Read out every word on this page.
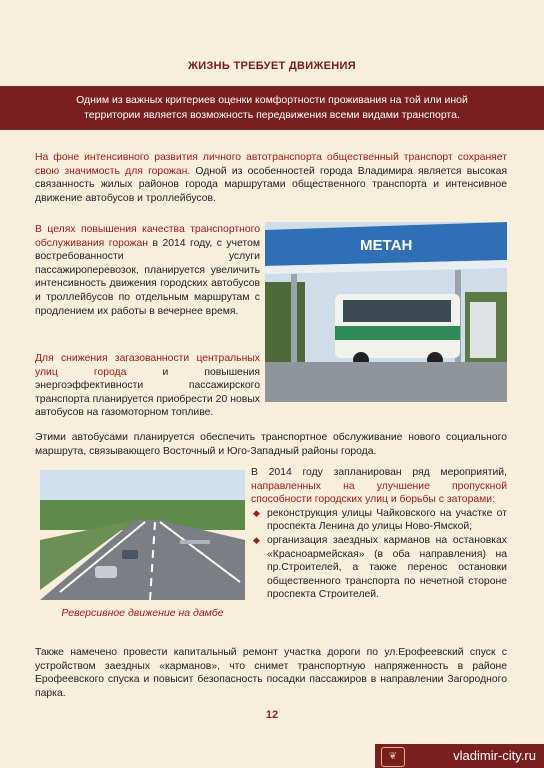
ЖИЗНЬ ТРЕБУЕТ ДВИЖЕНИЯ
Одним из важных критериев оценки комфортности проживания на той или иной
территории является возможность передвижения всеми видами транспорта.
На фоне интенсивного развития личного автотранспорта общественный транспорт сохраняет свою значимость для горожан. Одной из особенностей города Владимира является высокая связанность жилых районов города маршрутами общественного транспорта и интенсивное движение автобусов и троллейбусов.
В целях повышения качества транспортного обслуживания горожан в 2014 году, с учетом востребованности услуги пассажироперевозок, планируется увеличить интенсивность движения городских автобусов и троллейбусов по отдельным маршрутам с продлением их работы в вечернее время.
МЕТАН
Для снижения загазованности центральных улиц города и повышения энергоэффективности пассажирского транспорта планируется приобрести 20 новых автобусов на газомоторном топливе.
Этими автобусами планируется обеспечить транспортное обслуживание нового социального маршрута, связывающего Восточный и Юго-Западный районы города.
Реверсивное движение на дамбе
В 2014 году запланирован ряд мероприятий, направленных на улучшение пропускной способности городских улиц и борьбы с заторами:
◆ реконструкция улицы Чайковского на участке от проспекта Ленина до улицы Ново-Ямской;
◆ организация заездных карманов на остановках «Красноармейская» (в оба направления) на пр.Строителей, а также перенос остановки общественного транспорта по нечетной стороне проспекта Строителей.
Также намечено провести капитальный ремонт участка дороги по ул.Ерофеевский спуск с устройством заездных «карманов», что снимет транспортную напряженность в районе Ерофеевского спуска и повысит безопасность посадки пассажиров в направлении Загородного парка.
12
❦	vladimir-city.ru
